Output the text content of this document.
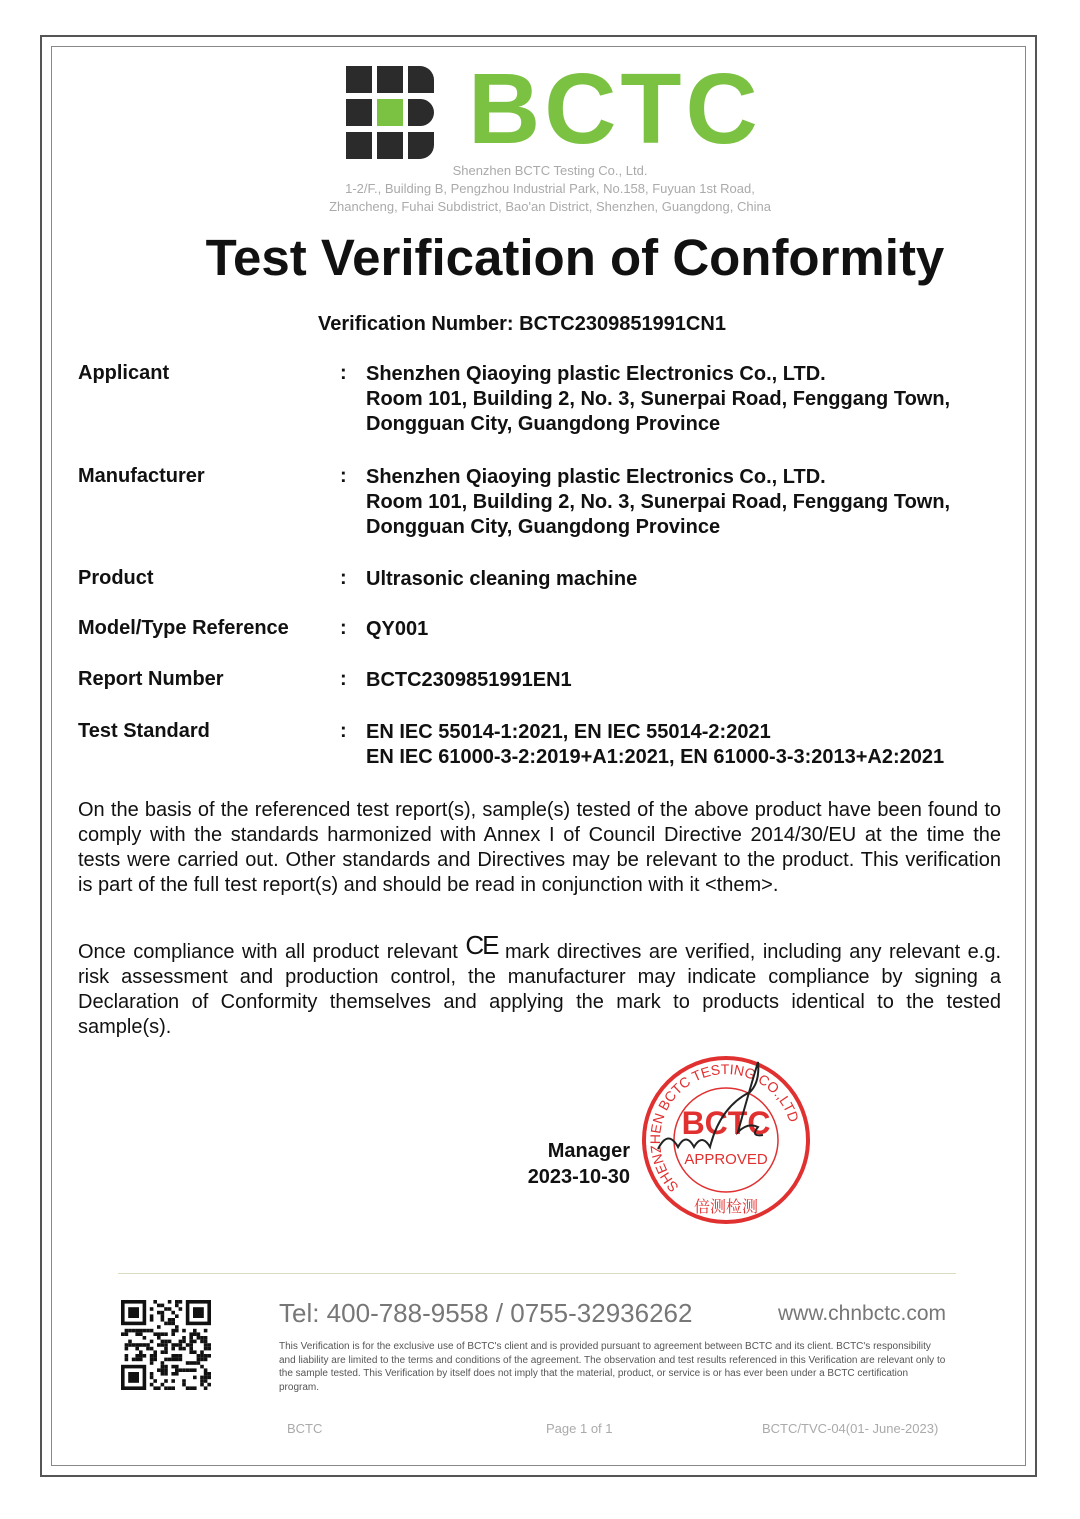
BCTC
Shenzhen BCTC Testing Co., Ltd.
1-2/F., Building B, Pengzhou Industrial Park, No.158, Fuyuan 1st Road,
Zhancheng, Fuhai Subdistrict, Bao'an District, Shenzhen, Guangdong, China
Test Verification of Conformity
Verification Number: BCTC2309851991CN1
Applicant	: Shenzhen Qiaoying plastic Electronics Co., LTD.
Room 101, Building 2, No. 3, Sunerpai Road, Fenggang Town,
Dongguan City, Guangdong Province
Manufacturer	: Shenzhen Qiaoying plastic Electronics Co., LTD.
Room 101, Building 2, No. 3, Sunerpai Road, Fenggang Town,
Dongguan City, Guangdong Province
Product	: Ultrasonic cleaning machine
Model/Type Reference	: QY001
Report Number	: BCTC2309851991EN1
Test Standard	: EN IEC 55014-1:2021, EN IEC 55014-2:2021
EN IEC 61000-3-2:2019+A1:2021, EN 61000-3-3:2013+A2:2021
On the basis of the referenced test report(s), sample(s) tested of the above product have been found to comply with the standards harmonized with Annex I of Council Directive 2014/30/EU at the time the tests were carried out. Other standards and Directives may be relevant to the product. This verification is part of the full test report(s) and should be read in conjunction with it <them>.
Once compliance with all product relevant CE mark directives are verified, including any relevant e.g. risk assessment and production control, the manufacturer may indicate compliance by signing a Declaration of Conformity themselves and applying the mark to products identical to the tested sample(s).
SHENZHEN BCTC TESTING CO.,LTD
BCTC
APPROVED
倍测检测
Manager
2023-10-30
Tel: 400-788-9558 / 0755-32936262	www.chnbctc.com
This Verification is for the exclusive use of BCTC's client and is provided pursuant to agreement between BCTC and its client. BCTC's responsibility and liability are limited to the terms and conditions of the agreement. The observation and test results referenced in this Verification are relevant only to the sample tested. This Verification by itself does not imply that the material, product, or service is or has ever been under a BCTC certification program.
BCTC	Page 1 of 1	BCTC/TVC-04(01- June-2023)
